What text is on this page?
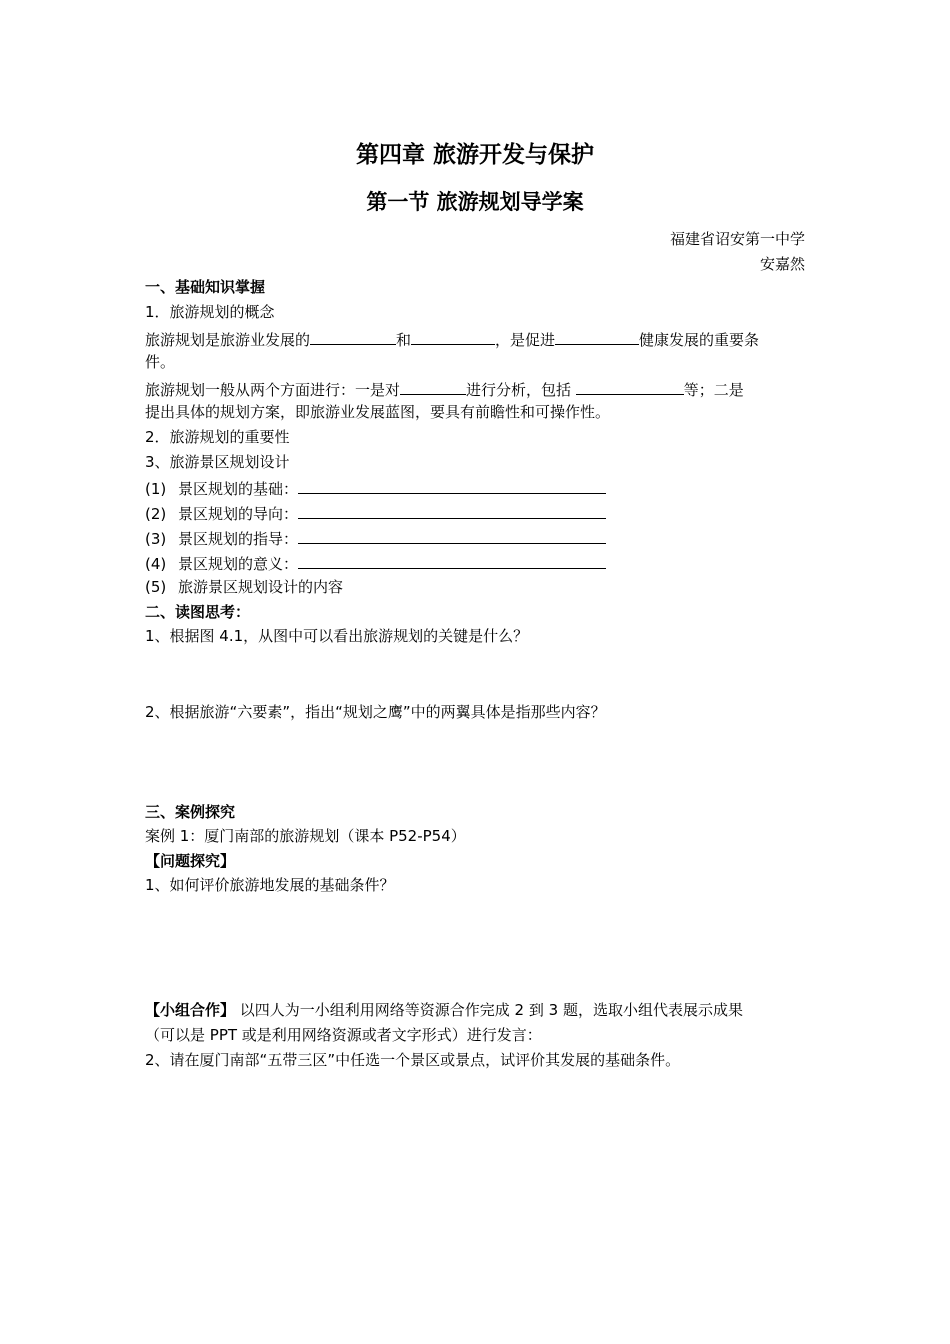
第四章 旅游开发与保护
第一节 旅游规划导学案
福建省诏安第一中学
安嘉然
一、基础知识掌握
1．旅游规划的概念
旅游规划是旅游业发展的	和	，是促进	健康发展的重要条
件。
旅游规划一般从两个方面进行：一是对	进行分析，包括	等；二是
提出具体的规划方案，即旅游业发展蓝图，要具有前瞻性和可操作性。
2．旅游规划的重要性
3、旅游景区规划设计
(1) 景区规划的基础：
(2) 景区规划的导向：
(3) 景区规划的指导：
(4) 景区规划的意义：
(5) 旅游景区规划设计的内容
二、读图思考：
1、根据图 4.1，从图中可以看出旅游规划的关键是什么？
2、根据旅游“六要素”，指出“规划之鹰”中的两翼具体是指那些内容？
三、案例探究
案例 1：厦门南部的旅游规划（课本 P52-P54）
【问题探究】
1、如何评价旅游地发展的基础条件？
【小组合作】 以四人为一小组利用网络等资源合作完成 2 到 3 题，选取小组代表展示成果
（可以是 PPT 或是利用网络资源或者文字形式）进行发言：
2、请在厦门南部“五带三区”中任选一个景区或景点，试评价其发展的基础条件。
